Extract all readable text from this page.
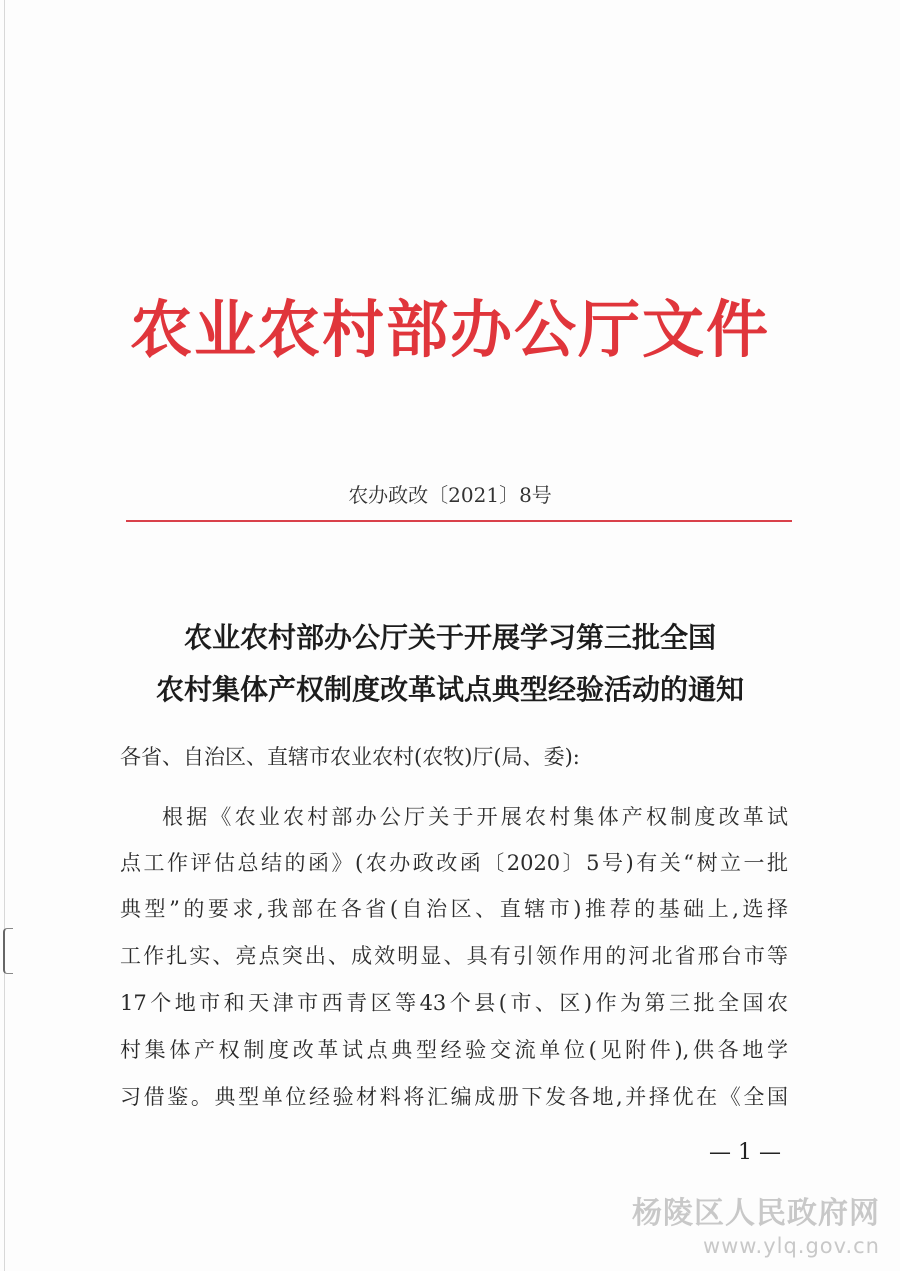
农业农村部办公厅文件
农办政改〔2021〕8号
农业农村部办公厅关于开展学习第三批全国
农村集体产权制度改革试点典型经验活动的通知
各省、自治区、直辖市农业农村(农牧)厅(局、委):
根据《农业农村部办公厅关于开展农村集体产权制度改革试
点工作评估总结的函》(农办政改函〔2020〕5号)有关“树立一批
典型”的要求,我部在各省(自治区、直辖市)推荐的基础上,选择
工作扎实、亮点突出、成效明显、具有引领作用的河北省邢台市等
17个地市和天津市西青区等43个县(市、区)作为第三批全国农
村集体产权制度改革试点典型经验交流单位(见附件),供各地学
习借鉴。典型单位经验材料将汇编成册下发各地,并择优在《全国
— 1 —
杨陵区人民政府网
www.ylq.gov.cn
